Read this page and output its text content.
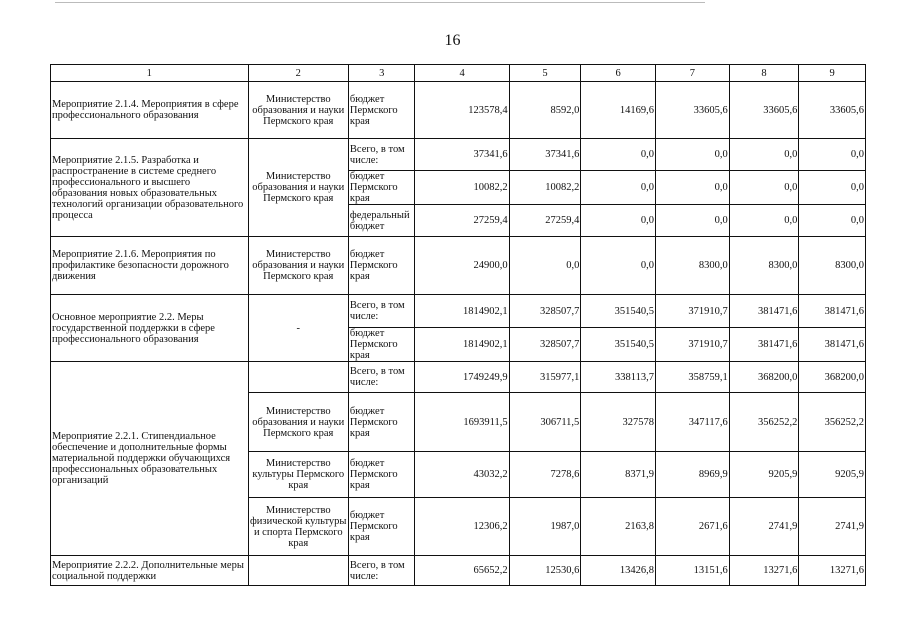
16
1	2	3	4	5	6	7	8	9
Мероприятие 2.1.4. Мероприятия в сфере профессионального образования	Министерство образования и науки Пермского края	бюджет Пермского края	123578,4	8592,0	14169,6	33605,6	33605,6	33605,6
Мероприятие 2.1.5. Разработка и распространение в системе среднего профессионального и высшего образования новых образовательных технологий организации образовательного процесса	Министерство образования и науки Пермского края	Всего, в том числе:	37341,6	37341,6	0,0	0,0	0,0	0,0
		бюджет Пермского края	10082,2	10082,2	0,0	0,0	0,0	0,0
		федеральный бюджет	27259,4	27259,4	0,0	0,0	0,0	0,0
Мероприятие 2.1.6. Мероприятия по профилактике безопасности дорожного движения	Министерство образования и науки Пермского края	бюджет Пермского края	24900,0	0,0	0,0	8300,0	8300,0	8300,0
Основное мероприятие 2.2. Меры государственной поддержки в сфере профессионального образования	-	Всего, в том числе:	1814902,1	328507,7	351540,5	371910,7	381471,6	381471,6
		бюджет Пермского края	1814902,1	328507,7	351540,5	371910,7	381471,6	381471,6
Мероприятие 2.2.1. Стипендиальное обеспечение и дополнительные формы материальной поддержки обучающихся профессиональных образовательных организаций		Всего, в том числе:	1749249,9	315977,1	338113,7	358759,1	368200,0	368200,0
	Министерство образования и науки Пермского края	бюджет Пермского края	1693911,5	306711,5	327578	347117,6	356252,2	356252,2
	Министерство культуры Пермского края	бюджет Пермского края	43032,2	7278,6	8371,9	8969,9	9205,9	9205,9
	Министерство физической культуры и спорта Пермского края	бюджет Пермского края	12306,2	1987,0	2163,8	2671,6	2741,9	2741,9
Мероприятие 2.2.2. Дополнительные меры социальной поддержки		Всего, в том числе:	65652,2	12530,6	13426,8	13151,6	13271,6	13271,6
